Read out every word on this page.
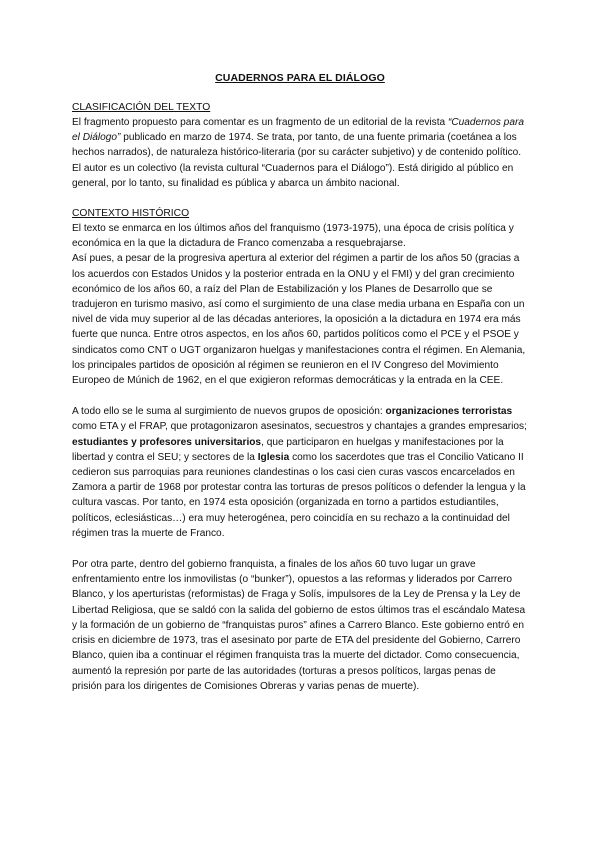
CUADERNOS PARA EL DIÁLOGO
CLASIFICACIÓN DEL TEXTO

El fragmento propuesto para comentar es un fragmento de un editorial de la revista “Cuadernos para el Diálogo” publicado en marzo de 1974. Se trata, por tanto, de una fuente primaria (coetánea a los hechos narrados), de naturaleza histórico-literaria (por su carácter subjetivo) y de contenido político. El autor es un colectivo (la revista cultural “Cuadernos para el Diálogo”). Está dirigido al público en general, por lo tanto, su finalidad es pública y abarca un ámbito nacional.

CONTEXTO HISTÓRICO

El texto se enmarca en los últimos años del franquismo (1973-1975), una época de crisis política y económica en la que la dictadura de Franco comenzaba a resquebrajarse.

Así pues, a pesar de la progresiva apertura al exterior del régimen a partir de los años 50 (gracias a los acuerdos con Estados Unidos y la posterior entrada en la ONU y el FMI) y del gran crecimiento económico de los años 60, a raíz del Plan de Estabilización y los Planes de Desarrollo que se tradujeron en turismo masivo, así como el surgimiento de una clase media urbana en España con un nivel de vida muy superior al de las décadas anteriores, la oposición a la dictadura en 1974 era más fuerte que nunca. Entre otros aspectos, en los años 60, partidos políticos como el PCE y el PSOE y sindicatos como CNT o UGT organizaron huelgas y manifestaciones contra el régimen. En Alemania, los principales partidos de oposición al régimen se reunieron en el IV Congreso del Movimiento Europeo de Múnich de 1962, en el que exigieron reformas democráticas y la entrada en la CEE.

A todo ello se le suma al surgimiento de nuevos grupos de oposición: organizaciones terroristas como ETA y el FRAP, que protagonizaron asesinatos, secuestros y chantajes a grandes empresarios; estudiantes y profesores universitarios, que participaron en huelgas y manifestaciones por la libertad y contra el SEU; y sectores de la Iglesia como los sacerdotes que tras el Concilio Vaticano II cedieron sus parroquias para reuniones clandestinas o los casi cien curas vascos encarcelados en Zamora a partir de 1968 por protestar contra las torturas de presos políticos o defender la lengua y la cultura vascas. Por tanto, en 1974 esta oposición (organizada en torno a partidos estudiantiles, políticos, eclesiásticas…) era muy heterogénea, pero coincidía en su rechazo a la continuidad del régimen tras la muerte de Franco.

Por otra parte, dentro del gobierno franquista, a finales de los años 60 tuvo lugar un grave enfrentamiento entre los inmovilistas (o “bunker”), opuestos a las reformas y liderados por Carrero Blanco, y los aperturistas (reformistas) de Fraga y Solís, impulsores de la Ley de Prensa y la Ley de Libertad Religiosa, que se saldó con la salida del gobierno de estos últimos tras el escándalo Matesa y la formación de un gobierno de “franquistas puros” afines a Carrero Blanco. Este gobierno entró en crisis en diciembre de 1973, tras el asesinato por parte de ETA del presidente del Gobierno, Carrero Blanco, quien iba a continuar el régimen franquista tras la muerte del dictador. Como consecuencia, aumentó la represión por parte de las autoridades (torturas a presos políticos, largas penas de prisión para los dirigentes de Comisiones Obreras y varias penas de muerte).
